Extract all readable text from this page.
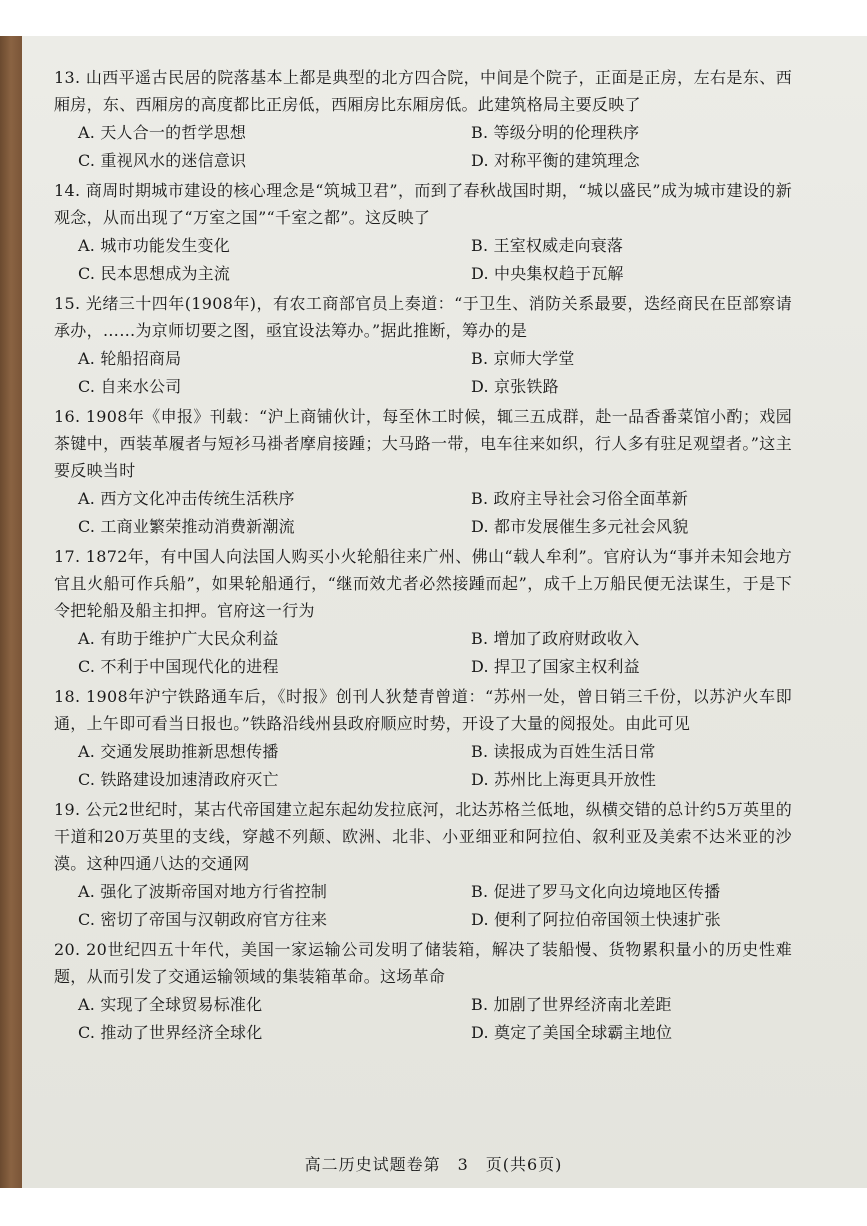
13. 山西平遥古民居的院落基本上都是典型的北方四合院，中间是个院子，正面是正房，左右是东、西厢房，东、西厢房的高度都比正房低，西厢房比东厢房低。此建筑格局主要反映了

A. 天人合一的哲学思想	B. 等级分明的伦理秩序
C. 重视风水的迷信意识	D. 对称平衡的建筑理念

14. 商周时期城市建设的核心理念是“筑城卫君”，而到了春秋战国时期，“城以盛民”成为城市建设的新观念，从而出现了“万室之国”“千室之都”。这反映了

A. 城市功能发生变化	B. 王室权威走向衰落
C. 民本思想成为主流	D. 中央集权趋于瓦解

15. 光绪三十四年(1908年)，有农工商部官员上奏道：“于卫生、消防关系最要，迭经商民在臣部察请承办，……为京师切要之图，亟宜设法筹办。”据此推断，筹办的是

A. 轮船招商局	B. 京师大学堂
C. 自来水公司	D. 京张铁路

16. 1908年《申报》刊载：“沪上商铺伙计，每至休工时候，辄三五成群，赴一品香番菜馆小酌；戏园茶键中，西装革履者与短衫马褂者摩肩接踵；大马路一带，电车往来如织，行人多有驻足观望者。”这主要反映当时

A. 西方文化冲击传统生活秩序	B. 政府主导社会习俗全面革新
C. 工商业繁荣推动消费新潮流	D. 都市发展催生多元社会风貌

17. 1872年，有中国人向法国人购买小火轮船往来广州、佛山“载人牟利”。官府认为“事并未知会地方官且火船可作兵船”，如果轮船通行，“继而效尤者必然接踵而起”，成千上万船民便无法谋生，于是下令把轮船及船主扣押。官府这一行为

A. 有助于维护广大民众利益	B. 增加了政府财政收入
C. 不利于中国现代化的进程	D. 捍卫了国家主权利益

18. 1908年沪宁铁路通车后，《时报》创刊人狄楚青曾道：“苏州一处，曾日销三千份，以苏沪火车即通，上午即可看当日报也。”铁路沿线州县政府顺应时势，开设了大量的阅报处。由此可见

A. 交通发展助推新思想传播	B. 读报成为百姓生活日常
C. 铁路建设加速清政府灭亡	D. 苏州比上海更具开放性

19. 公元2世纪时，某古代帝国建立起东起幼发拉底河，北达苏格兰低地，纵横交错的总计约5万英里的干道和20万英里的支线，穿越不列颠、欧洲、北非、小亚细亚和阿拉伯、叙利亚及美索不达米亚的沙漠。这种四通八达的交通网

A. 强化了波斯帝国对地方行省控制	B. 促进了罗马文化向边境地区传播
C. 密切了帝国与汉朝政府官方往来	D. 便利了阿拉伯帝国领土快速扩张

20. 20世纪四五十年代，美国一家运输公司发明了储装箱，解决了装船慢、货物累积量小的历史性难题，从而引发了交通运输领域的集装箱革命。这场革命

A. 实现了全球贸易标准化	B. 加剧了世界经济南北差距
C. 推动了世界经济全球化	D. 奠定了美国全球霸主地位
高二历史试题卷第　3　页(共6页)
